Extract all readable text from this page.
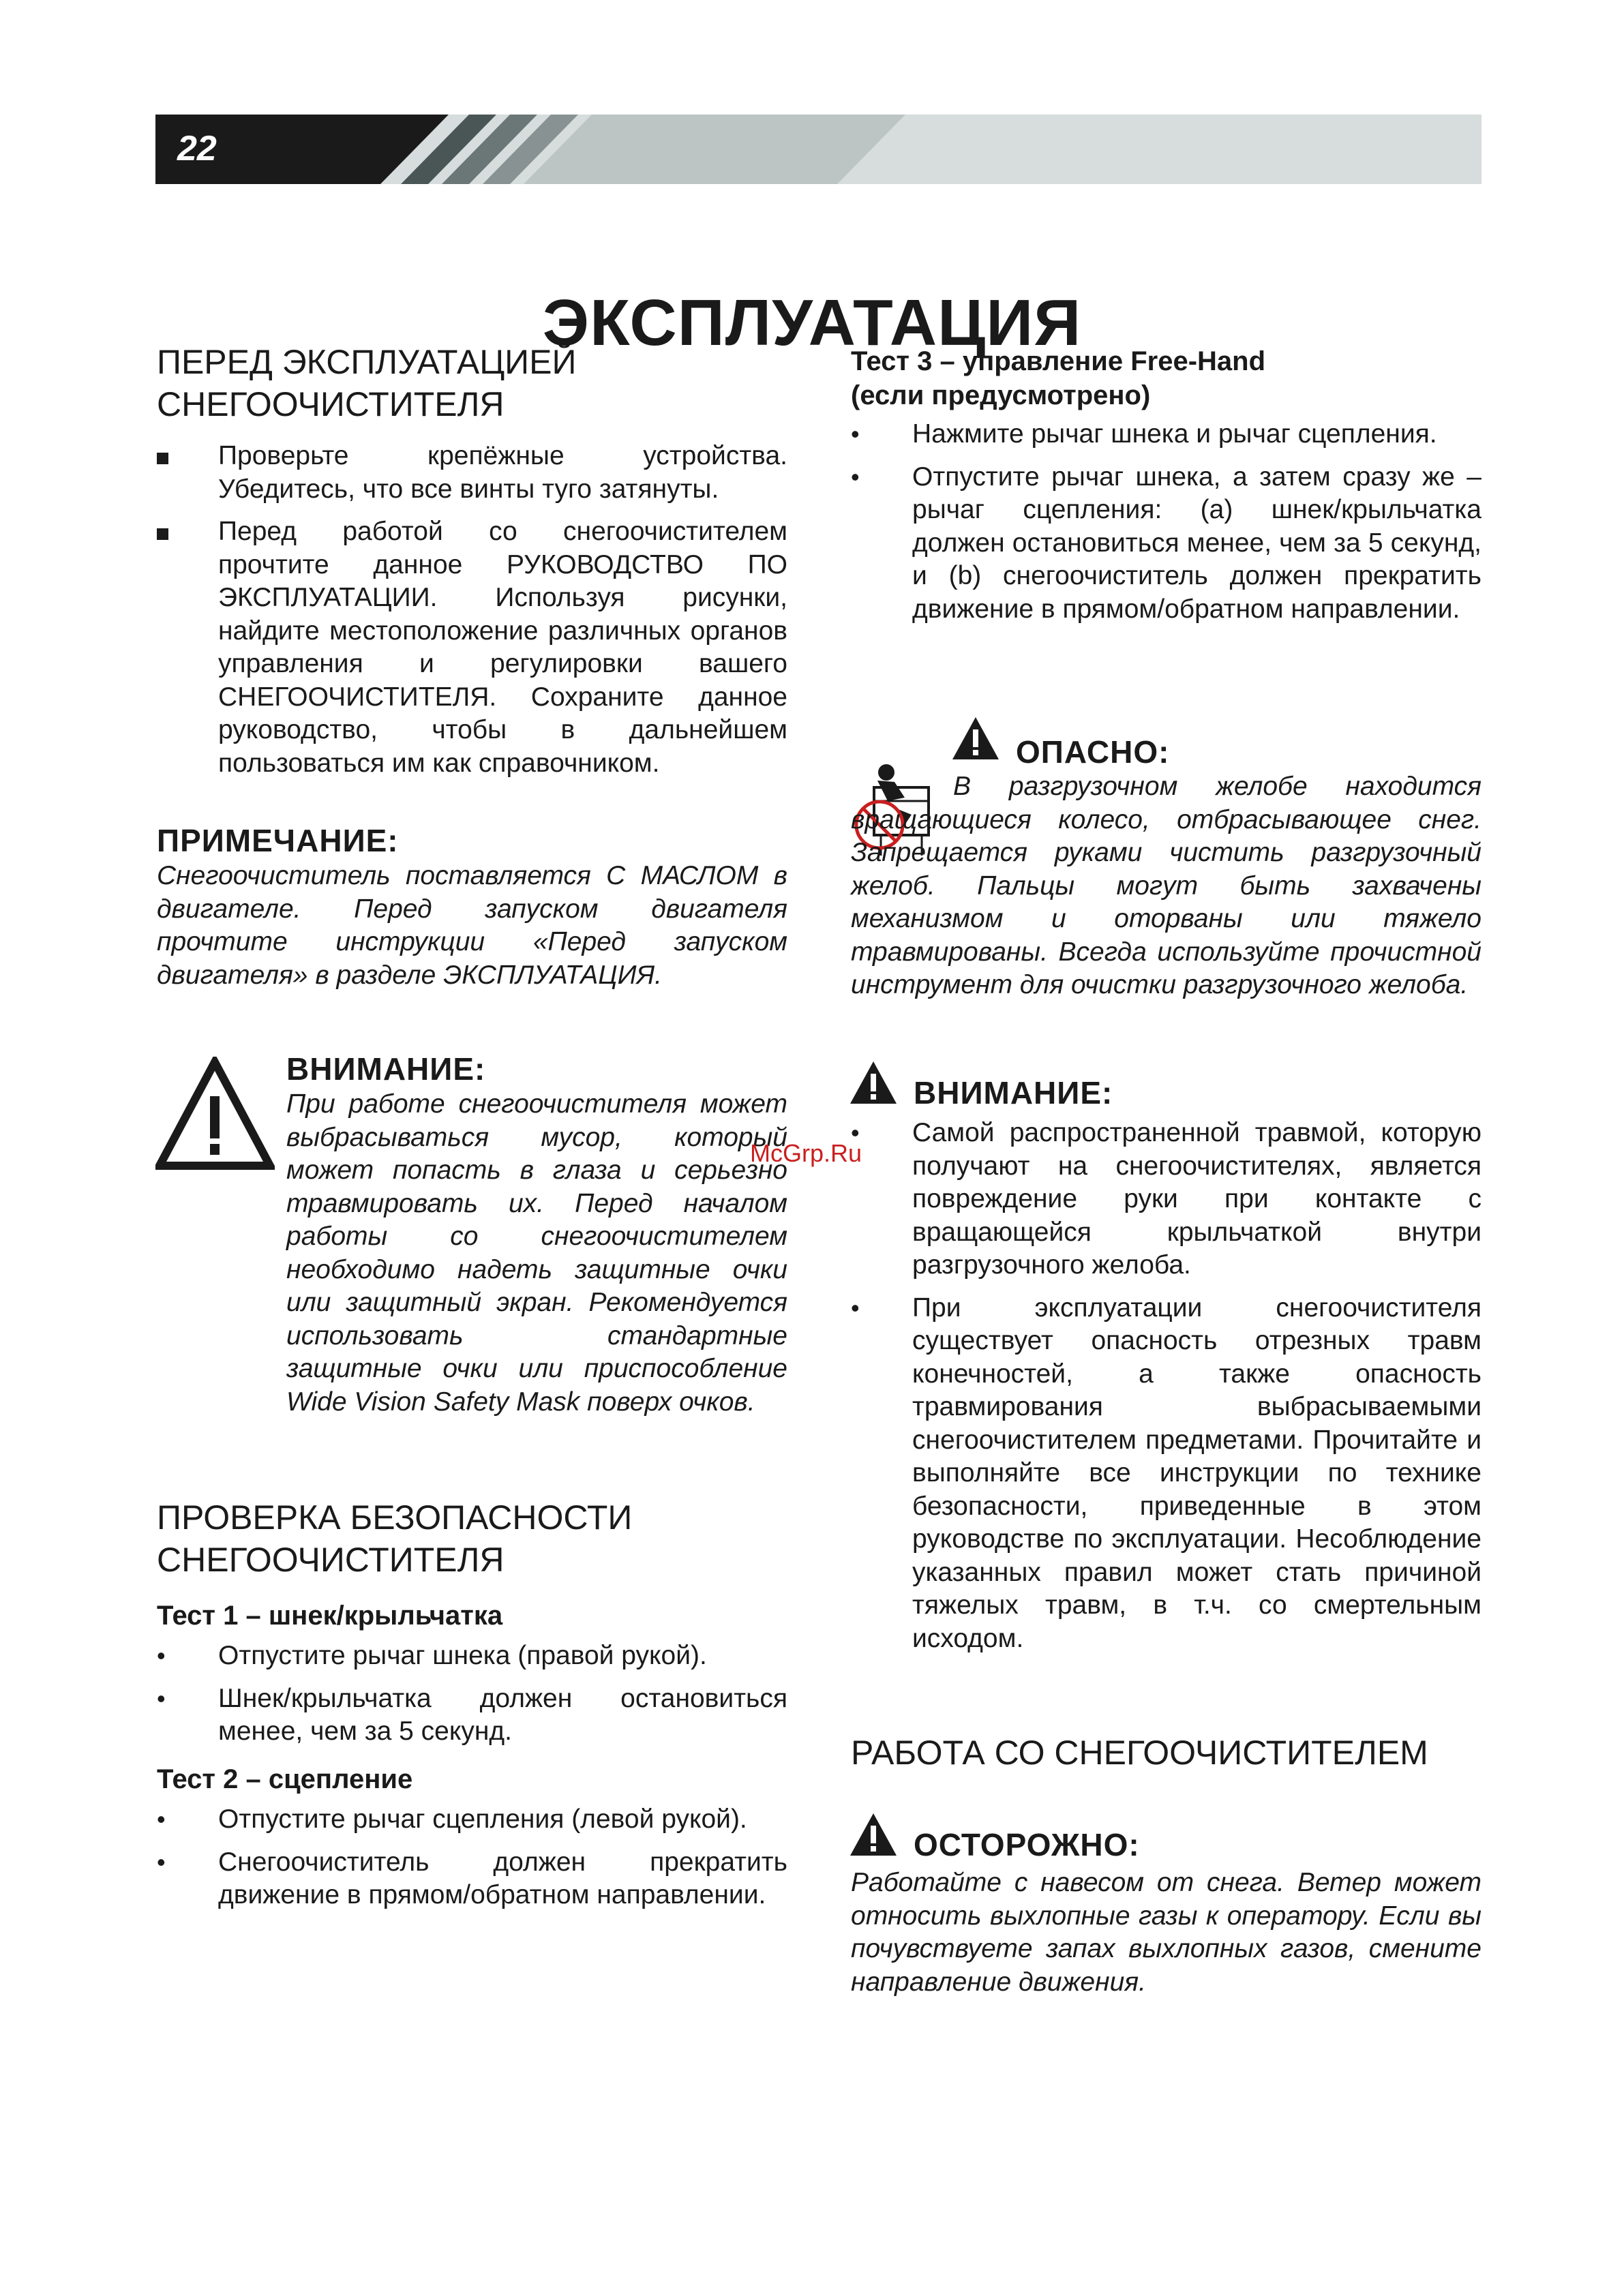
22
ЭКСПЛУАТАЦИЯ
ПЕРЕД ЭКСПЛУАТАЦИЕЙ СНЕГООЧИСТИТЕЛЯ
Проверьте крепёжные устройства. Убедитесь, что все винты туго затянуты.
Перед работой со снегоочистителем прочтите данное РУКОВОДСТВО ПО ЭКСПЛУАТАЦИИ. Используя рисунки, найдите местоположение различных органов управления и регулировки вашего СНЕГООЧИСТИТЕЛЯ. Сохраните данное руководство, чтобы в дальнейшем пользоваться им как справочником.
ПРИМЕЧАНИЕ:

Снегоочиститель поставляется С МАСЛОМ в двигателе. Перед запуском двигателя прочтите инструкции «Перед запуском двигателя» в разделе ЭКСПЛУАТАЦИЯ.

ВНИМАНИЕ:

При работе снегоочистителя может выбрасываться мусор, который может попасть в глаза и серьезно травмировать их. Перед началом работы со снегоочистителем необходимо надеть защитные очки или защитный экран. Рекомендуется использовать стандартные защитные очки или приспособление Wide Vision Safety Mask поверх очков.

ПРОВЕРКА БЕЗОПАСНОСТИ СНЕГООЧИСТИТЕЛЯ
Тест 1 – шнек/крыльчатка
•	Отпустите рычаг шнека (правой рукой).
•	Шнек/крыльчатка должен остановиться менее, чем за 5 секунд.
Тест 2 – сцепление
•	Отпустите рычаг сцепления (левой рукой).
•	Снегоочиститель должен прекратить движение в прямом/обратном направлении.
Тест 3 – управление Free-Hand (если предусмотрено)
•	Нажмите рычаг шнека и рычаг сцепления.
•	Отпустите рычаг шнека, а затем сразу же – рычаг сцепления: (а) шнек/крыльчатка должен остановиться менее, чем за 5 секунд, и (b) снегоочиститель должен прекратить движение в прямом/обратном направлении.
ОПАСНО:

В разгрузочном желобе находится вращающиеся колесо, отбрасывающее снег. Запрещается руками чистить разгрузочный желоб. Пальцы могут быть захвачены механизмом и оторваны или тяжело травмированы. Всегда используйте прочистной инструмент для очистки разгрузочного желоба.

ВНИМАНИЕ:
•	Самой распространенной травмой, которую получают на снегоочистителях, является повреждение руки при контакте с вращающейся крыльчаткой внутри разгрузочного желоба.
•	При эксплуатации снегоочистителя существует опасность отрезных травм конечностей, а также опасность травмирования выбрасываемыми снегоочистителем предметами. Прочитайте и выполняйте все инструкции по технике безопасности, приведенные в этом руководстве по эксплуатации. Несоблюдение указанных правил может стать причиной тяжелых травм, в т.ч. со смертельным исходом.
РАБОТА СО СНЕГООЧИСТИТЕЛЕМ
ОСТОРОЖНО:

Работайте с навесом от снега. Ветер может относить выхлопные газы к оператору. Если вы почувствуете запах выхлопных газов, смените направление движения.

McGrp.Ru
